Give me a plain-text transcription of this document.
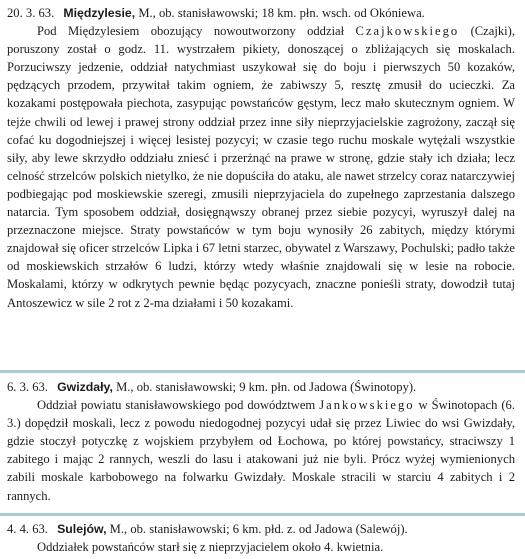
20. 3. 63. Międzylesie, M., ob. stanisławowski; 18 km. płn. wsch. od Okóniewa.

Pod Międzylesiem obozujący nowoutworzony oddział Czajkowskiego (Czajki), poruszony został o godz. 11. wystrzałem pikiety, donoszącej o zbliżających się moskalach. Porzuciwszy jedzenie, oddział natychmiast uszykował się do boju i pierwszych 50 kozaków, pędzących przodem, przywitał takim ogniem, że zabiwszy 5, resztę zmusił do ucieczki. Za kozakami postępowała piechota, zasypując powstańców gęstym, lecz mało skutecznym ogniem. W tejże chwili od lewej i prawej strony oddział przez inne siły nieprzyjacielskie zagrożony, zaczął się cofać ku dogodniejszej i więcej lesistej pozycyi; w czasie tego ruchu moskale wytężali wszystkie siły, aby lewe skrzydło oddziału zniesć i przerżnąć na prawe w stronę, gdzie stały ich działa; lecz celność strzelców polskich nietylko, że nie dopuściła do ataku, ale nawet strzelcy coraz natarczywiej podbiegając pod moskiewskie szeregi, zmusili nieprzyjaciela do zupełnego zaprzestania dalszego natarcia. Tym sposobem oddział, dosięgnąwszy obranej przez siebie pozycyi, wyruszył dalej na przeznaczone miejsce. Straty powstańców w tym boju wynosiły 26 zabitych, między którymi znajdował się oficer strzelców Lipka i 67 letni starzec, obywatel z Warszawy, Pochulski; padło także od moskiewskich strzałów 6 ludzi, którzy wtedy właśnie znajdowali się w lesie na robocie. Moskalami, którzy w odkrytych pewnie będąc pozycyach, znaczne ponieśli straty, dowodził tutaj Antoszewicz w sile 2 rot z 2-ma działami i 50 kozakami.

6. 3. 63. Gwizdały, M., ob. stanisławowski; 9 km. płn. od Jadowa (Świnotopy).

Oddział powiatu stanisławowskiego pod dowództwem Jankowskiego w Świnotopach (6. 3.) dopędził moskali, lecz z powodu niedogodnej pozycyi udał się przez Liwiec do wsi Gwizdały, gdzie stoczył potyczkę z wojskiem przybyłem od Łochowa, po której powstańcy, straciwszy 1 zabitego i mając 2 rannych, weszli do lasu i atakowani już nie byli. Prócz wyżej wymienionych zabili moskale karbobowego na folwarku Gwizdały. Moskale stracili w starciu 4 zabitych i 2 rannych.

4. 4. 63. Sulejów, M., ob. stanisławowski; 6 km. płd. z. od Jadowa (Salewój).

Oddziałek powstańców starł się z nieprzyjacielem około 4. kwietnia.
